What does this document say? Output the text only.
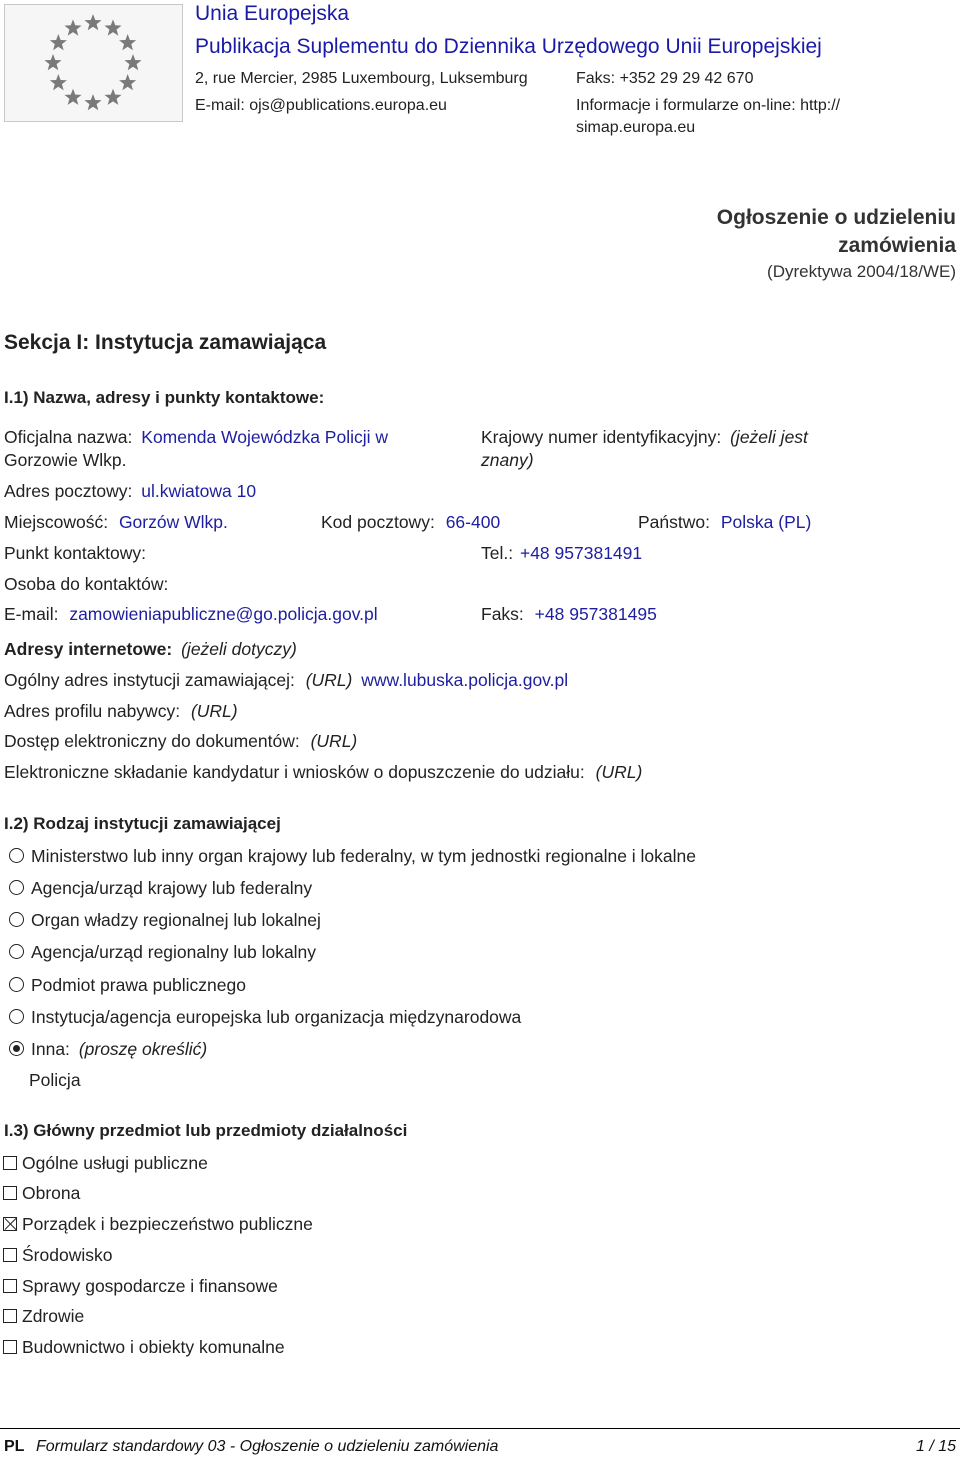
Unia Europejska
Publikacja Suplementu do Dziennika Urzędowego Unii Europejskiej
2, rue Mercier, 2985 Luxembourg, Luksemburg	Faks: +352 29 29 42 670
E-mail: ojs@publications.europa.eu	Informacje i formularze on-line: http://
simap.europa.eu
Ogłoszenie o udzieleniu
zamówienia
(Dyrektywa 2004/18/WE)
Sekcja I: Instytucja zamawiająca
I.1) Nazwa, adresy i punkty kontaktowe:
Oficjalna nazwa: Komenda Wojewódzka Policji w
Gorzowie Wlkp.
Krajowy numer identyfikacyjny: (jeżeli jest
znany)
Adres pocztowy: ul.kwiatowa 10
Miejscowość: Gorzów Wlkp.	Kod pocztowy: 66-400	Państwo: Polska (PL)
Punkt kontaktowy:	Tel.: +48 957381491
Osoba do kontaktów:
E-mail: zamowieniapubliczne@go.policja.gov.pl	Faks: +48 957381495
Adresy internetowe: (jeżeli dotyczy)
Ogólny adres instytucji zamawiającej: (URL) www.lubuska.policja.gov.pl
Adres profilu nabywcy: (URL)
Dostęp elektroniczny do dokumentów: (URL)
Elektroniczne składanie kandydatur i wniosków o dopuszczenie do udziału: (URL)
I.2) Rodzaj instytucji zamawiającej
Ministerstwo lub inny organ krajowy lub federalny, w tym jednostki regionalne i lokalne
Agencja/urząd krajowy lub federalny
Organ władzy regionalnej lub lokalnej
Agencja/urząd regionalny lub lokalny
Podmiot prawa publicznego
Instytucja/agencja europejska lub organizacja międzynarodowa
Inna: (proszę określić)
Policja
I.3) Główny przedmiot lub przedmioty działalności
Ogólne usługi publiczne
Obrona
Porządek i bezpieczeństwo publiczne
Środowisko
Sprawy gospodarcze i finansowe
Zdrowie
Budownictwo i obiekty komunalne
PL Formularz standardowy 03 - Ogłoszenie o udzieleniu zamówienia	1 / 15
